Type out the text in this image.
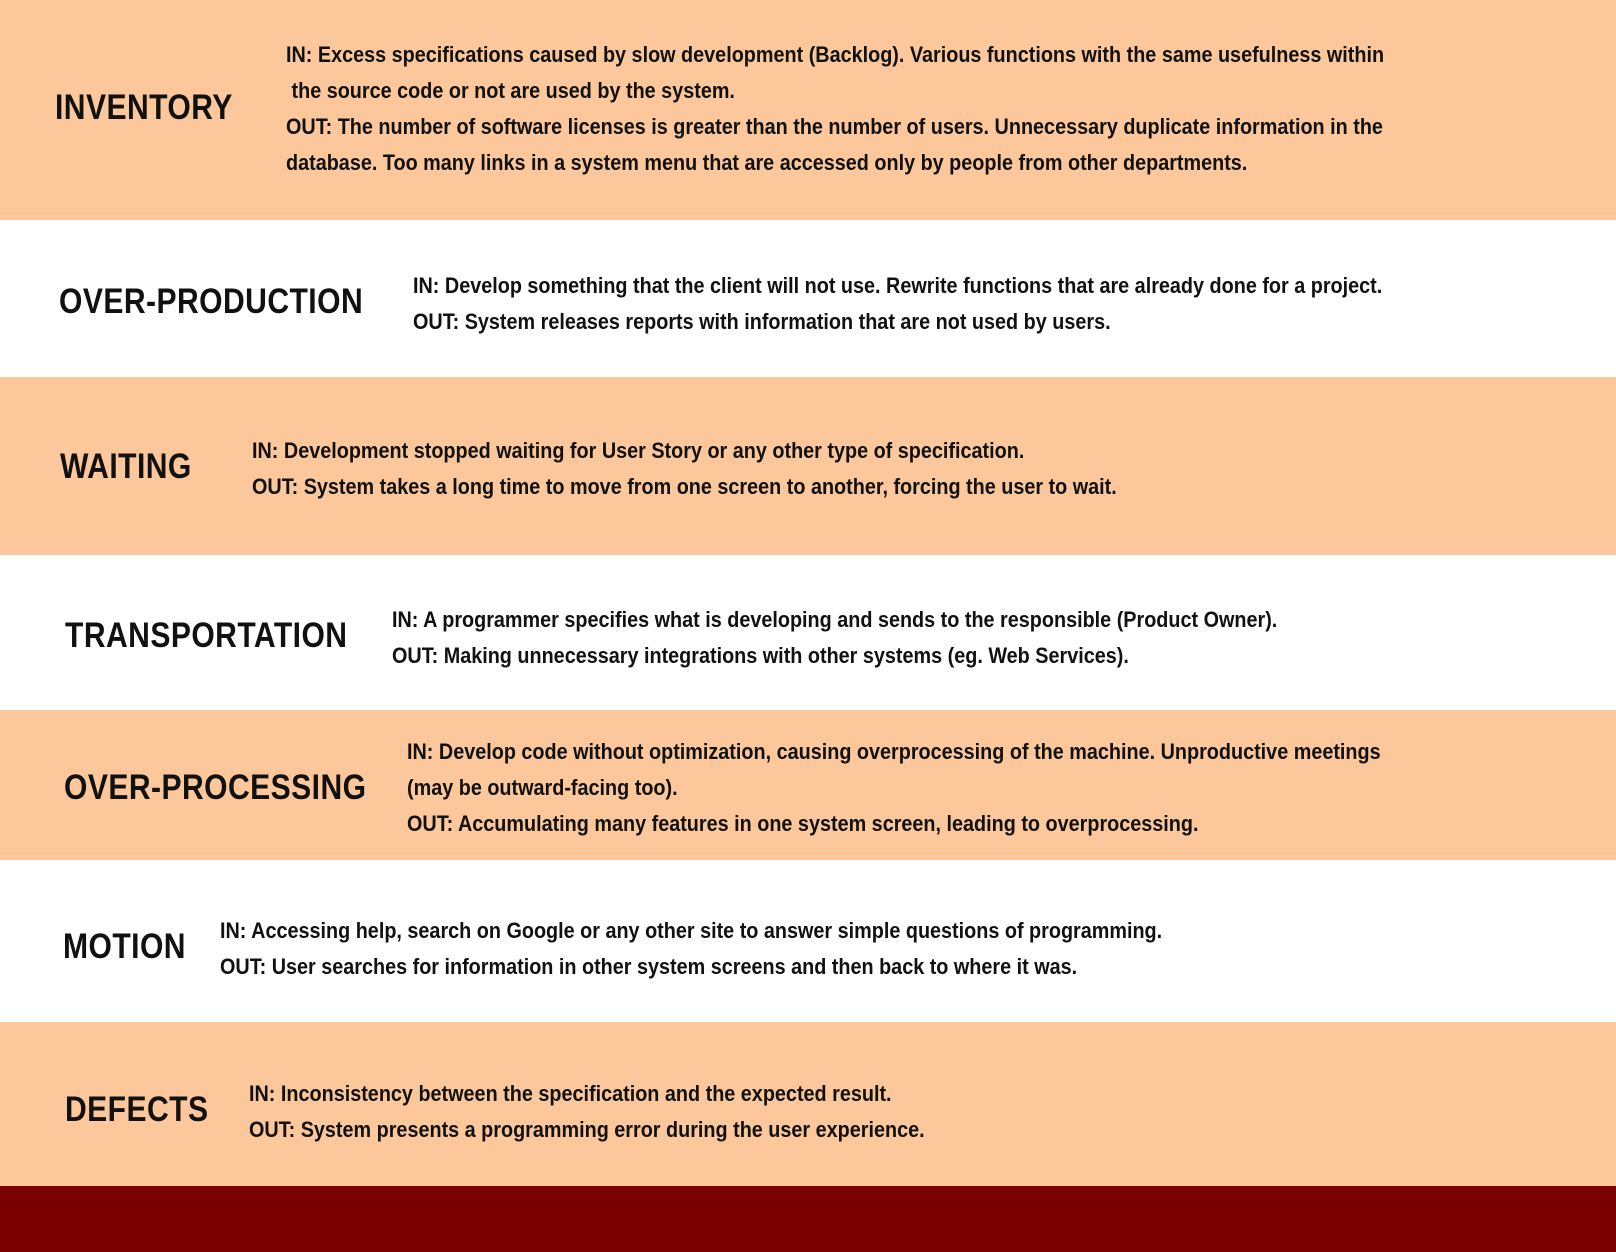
INVENTORY

IN: Excess specifications caused by slow development (Backlog). Various functions with the same usefulness within

the source code or not are used by the system.

OUT: The number of software licenses is greater than the number of users. Unnecessary duplicate information in the

database. Too many links in a system menu that are accessed only by people from other departments.

OVER-PRODUCTION IN: Develop something that the client will not use. Rewrite functions that are already done for a project.

OUT: System releases reports with information that are not used by users.

WAITING	IN: Development stopped waiting for User Story or any other type of specification.

OUT: System takes a long time to move from one screen to another, forcing the user to wait.

TRANSPORTATION IN: A programmer specifies what is developing and sends to the responsible (Product Owner).

OUT: Making unnecessary integrations with other systems (eg. Web Services).

OVER-PROCESSING

IN: Develop code without optimization, causing overprocessing of the machine. Unproductive meetings

(may be outward-facing too).

OUT: Accumulating many features in one system screen, leading to overprocessing.

MOTION IN: Accessing help, search on Google or any other site to answer simple questions of programming.

OUT: User searches for information in other system screens and then back to where it was.

DEFECTS IN: Inconsistency between the specification and the expected result.

OUT: System presents a programming error during the user experience.
